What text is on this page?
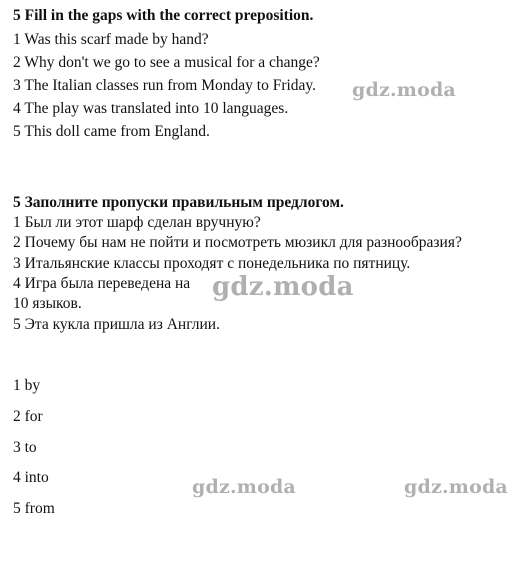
5 Fill in the gaps with the correct preposition.
1 Was this scarf made by hand?
2 Why don't we go to see a musical for a change?
3 The Italian classes run from Monday to Friday.
4 The play was translated into 10 languages.
5 This doll came from England.
5 Заполните пропуски правильным предлогом.
1 Был ли этот шарф сделан вручную?
2 Почему бы нам не пойти и посмотреть мюзикл для разнообразия?
3 Итальянские классы проходят с понедельника по пятницу.
4 Игра была переведена на
10 языков.
5 Эта кукла пришла из Англии.
1 by
2 for
3 to
4 into
5 from
gdz.moda
gdz.moda
gdz.moda	gdz.moda
